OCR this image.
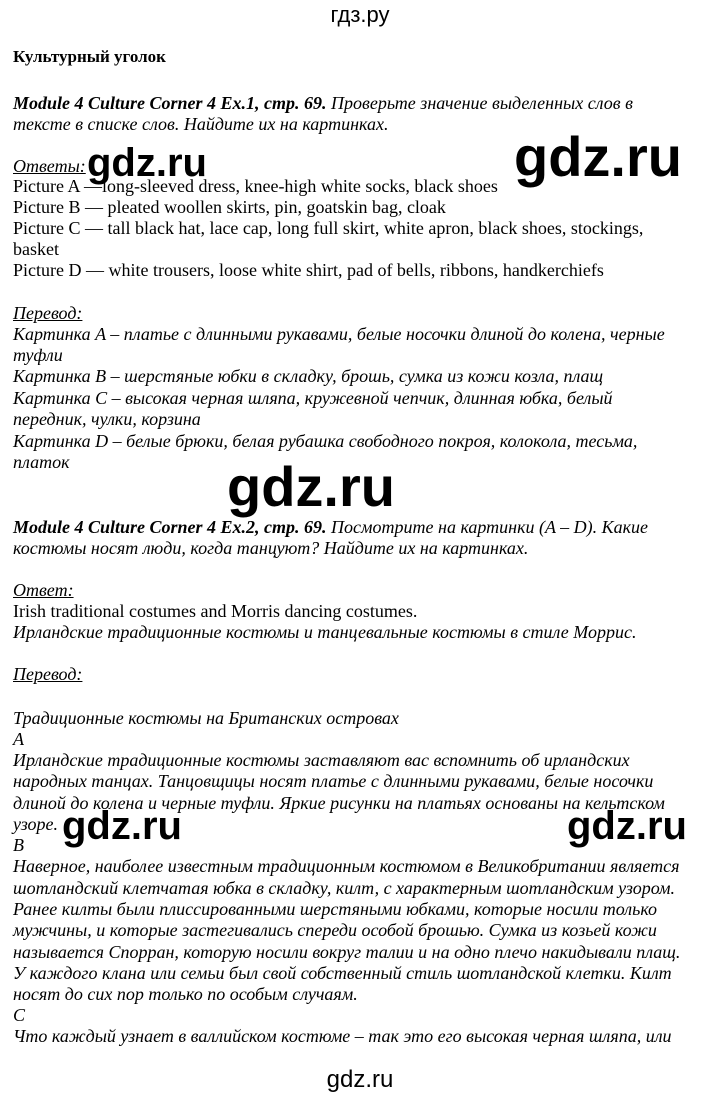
гдз.ру
Культурный уголок
Module 4 Culture Corner 4 Ex.1, стр. 69. Проверьте значение выделенных слов в
тексте в списке слов. Найдите их на картинках.
Ответы:
Picture A —long-sleeved dress, knee-high white socks, black shoes
Picture B — pleated woollen skirts, pin, goatskin bag, cloak
Picture C — tall black hat, lace cap, long full skirt, white apron, black shoes, stockings,
basket
Picture D — white trousers, loose white shirt, pad of bells, ribbons, handkerchiefs
Перевод:
Картинка A – платье с длинными рукавами, белые носочки длиной до колена, черные
туфли
Картинка B – шерстяные юбки в складку, брошь, сумка из кожи козла, плащ
Картинка C – высокая черная шляпа, кружевной чепчик, длинная юбка, белый
передник, чулки, корзина
Картинка D – белые брюки, белая рубашка свободного покроя, колокола, тесьма,
платок
Module 4 Culture Corner 4 Ex.2, стр. 69. Посмотрите на картинки (A – D). Какие
костюмы носят люди, когда танцуют? Найдите их на картинках.
Ответ:
Irish traditional costumes and Morris dancing costumes.
Ирландские традиционные костюмы и танцевальные костюмы в стиле Моррис.
Перевод:
Традиционные костюмы на Британских островах
A
Ирландские традиционные костюмы заставляют вас вспомнить об ирландских
народных танцах. Танцовщицы носят платье с длинными рукавами, белые носочки
длиной до колена и черные туфли. Яркие рисунки на платьях основаны на кельтском
узоре.
B
Наверное, наиболее известным традиционным костюмом в Великобритании является
шотландский клетчатая юбка в складку, килт, с характерным шотландским узором.
Ранее килты были плиссированными шерстяными юбками, которые носили только
мужчины, и которые застегивались спереди особой брошью. Сумка из козьей кожи
называется Спорран, которую носили вокруг талии и на одно плечо накидывали плащ.
У каждого клана или семьи был свой собственный стиль шотландской клетки. Килт
носят до сих пор только по особым случаям.
C
Что каждый узнает в валлийском костюме – так это его высокая черная шляпа, или
gdz.ru	gdz.ru
gdz.ru
gdz.ru	gdz.ru
gdz.ru
